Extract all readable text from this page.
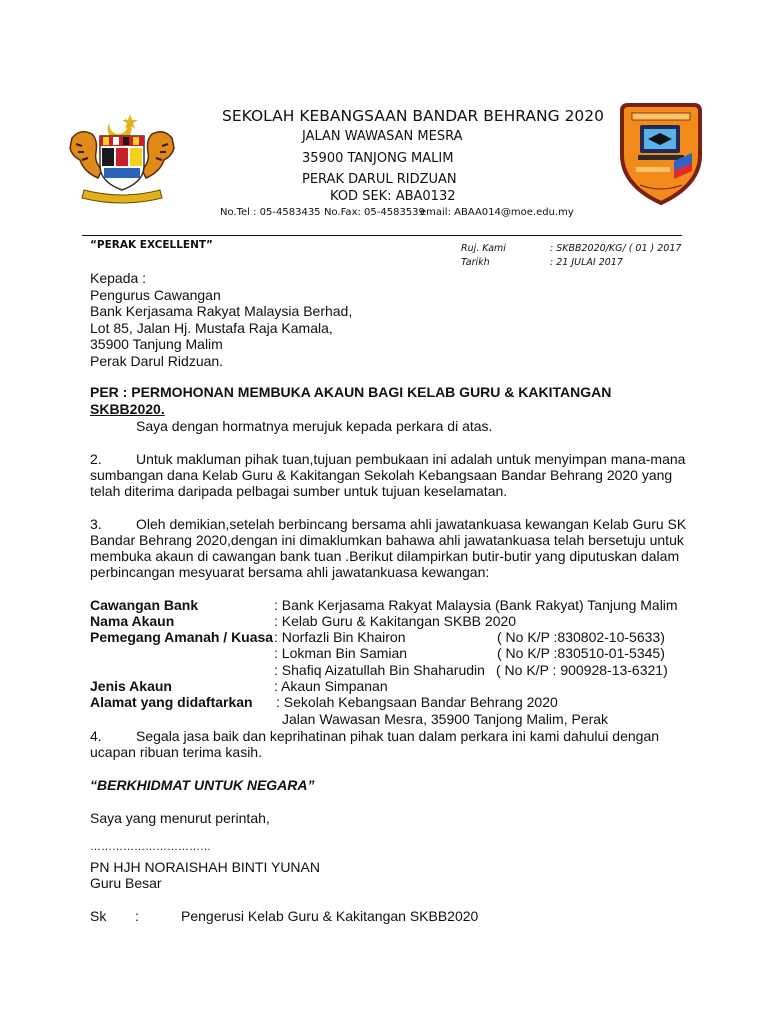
SEKOLAH KEBANGSAAN BANDAR BEHRANG 2020
JALAN WAWASAN MESRA
35900 TANJONG MALIM
PERAK DARUL RIDZUAN
KOD SEK: ABA0132
No.Tel : 05-4583435 No.Fax: 05-4583539
email: ABAA014@moe.edu.my
“PERAK EXCELLENT”	Ruj. Kami	: SKBB2020/KG/ ( 01 ) 2017
Tarikh	: 21 JULAI 2017
Kepada :
Pengurus Cawangan
Bank Kerjasama Rakyat Malaysia Berhad,
Lot 85, Jalan Hj. Mustafa Raja Kamala,
35900 Tanjung Malim
Perak Darul Ridzuan.
PER : PERMOHONAN MEMBUKA AKAUN BAGI KELAB GURU & KAKITANGAN
SKBB2020.
Saya dengan hormatnya merujuk kepada perkara di atas.
2. Untuk makluman pihak tuan,tujuan pembukaan ini adalah untuk menyimpan mana-mana
sumbangan dana Kelab Guru & Kakitangan Sekolah Kebangsaan Bandar Behrang 2020 yang
telah diterima daripada pelbagai sumber untuk tujuan keselamatan.
3. Oleh demikian,setelah berbincang bersama ahli jawatankuasa kewangan Kelab Guru SK
Bandar Behrang 2020,dengan ini dimaklumkan bahawa ahli jawatankuasa telah bersetuju untuk
membuka akaun di cawangan bank tuan .Berikut dilampirkan butir-butir yang diputuskan dalam
perbincangan mesyuarat bersama ahli jawatankuasa kewangan:
Cawangan Bank	: Bank Kerjasama Rakyat Malaysia (Bank Rakyat) Tanjung Malim
Nama Akaun	: Kelab Guru & Kakitangan SKBB 2020
Pemegang Amanah / Kuasa : Norfazli Bin Khairon	( No K/P :830802-10-5633)
: Lokman Bin Samian	( No K/P :830510-01-5345)
: Shafiq Aizatullah Bin Shaharudin ( No K/P : 900928-13-6321)
Jenis Akaun	: Akaun Simpanan
Alamat yang didaftarkan : Sekolah Kebangsaan Bandar Behrang 2020
Jalan Wawasan Mesra, 35900 Tanjong Malim, Perak
4. Segala jasa baik dan keprihatinan pihak tuan dalam perkara ini kami dahului dengan
ucapan ribuan terima kasih.
“BERKHIDMAT UNTUK NEGARA”
Saya yang menurut perintah,
……………………………
PN HJH NORAISHAH BINTI YUNAN
Guru Besar
Sk :	Pengerusi Kelab Guru & Kakitangan SKBB2020
